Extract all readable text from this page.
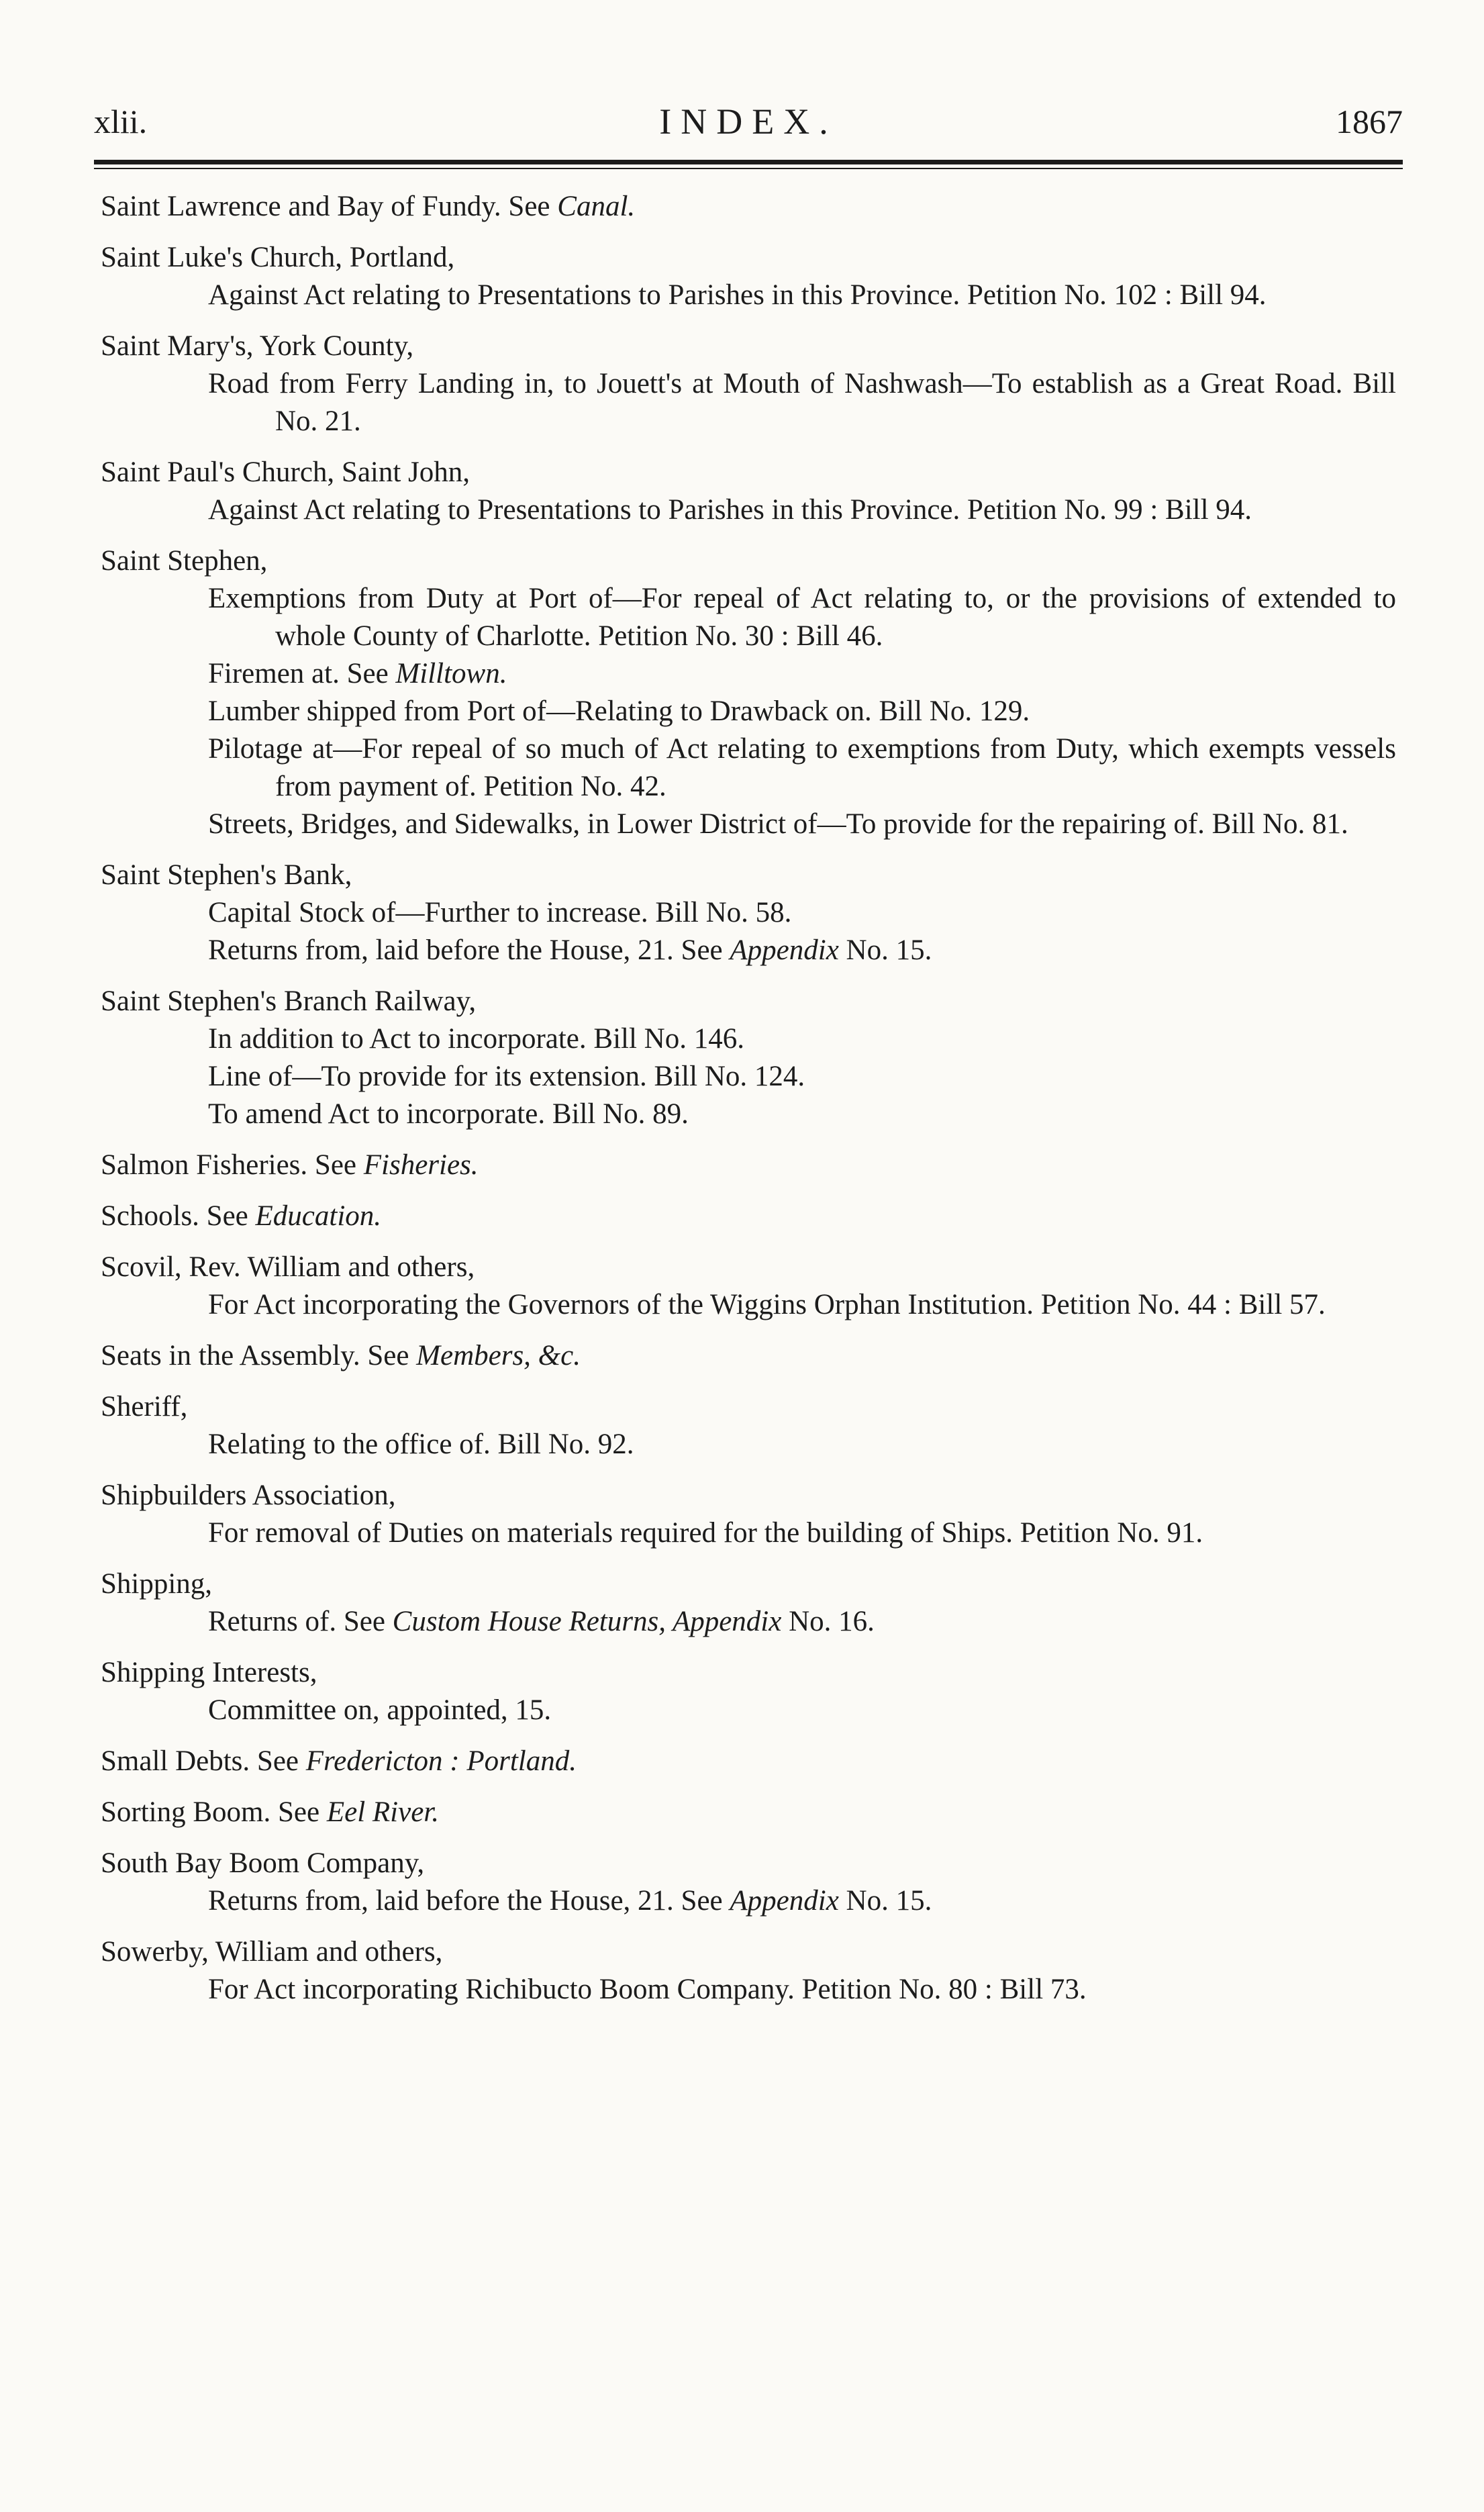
xlii.	INDEX.	1867
Saint Lawrence and Bay of Fundy. See Canal.
Saint Luke's Church, Portland,
Against Act relating to Presentations to Parishes in this Province. Petition No. 102 : Bill 94.
Saint Mary's, York County,
Road from Ferry Landing in, to Jouett's at Mouth of Nashwash—To establish as a Great Road. Bill No. 21.
Saint Paul's Church, Saint John,
Against Act relating to Presentations to Parishes in this Province. Petition No. 99 : Bill 94.
Saint Stephen,
Exemptions from Duty at Port of—For repeal of Act relating to, or the provisions of extended to whole County of Charlotte. Petition No. 30 : Bill 46.
Firemen at. See Milltown.
Lumber shipped from Port of—Relating to Drawback on. Bill No. 129.
Pilotage at—For repeal of so much of Act relating to exemptions from Duty, which exempts vessels from payment of. Petition No. 42.
Streets, Bridges, and Sidewalks, in Lower District of—To provide for the repairing of. Bill No. 81.
Saint Stephen's Bank,
Capital Stock of—Further to increase. Bill No. 58.
Returns from, laid before the House, 21. See Appendix No. 15.
Saint Stephen's Branch Railway,
In addition to Act to incorporate. Bill No. 146.
Line of—To provide for its extension. Bill No. 124.
To amend Act to incorporate. Bill No. 89.
Salmon Fisheries. See Fisheries.
Schools. See Education.
Scovil, Rev. William and others,
For Act incorporating the Governors of the Wiggins Orphan Institution. Petition No. 44 : Bill 57.
Seats in the Assembly. See Members, &c.
Sheriff,
Relating to the office of. Bill No. 92.
Shipbuilders Association,
For removal of Duties on materials required for the building of Ships. Petition No. 91.
Shipping,
Returns of. See Custom House Returns, Appendix No. 16.
Shipping Interests,
Committee on, appointed, 15.
Small Debts. See Fredericton : Portland.
Sorting Boom. See Eel River.
South Bay Boom Company,
Returns from, laid before the House, 21. See Appendix No. 15.
Sowerby, William and others,
For Act incorporating Richibucto Boom Company. Petition No. 80 : Bill 73.
